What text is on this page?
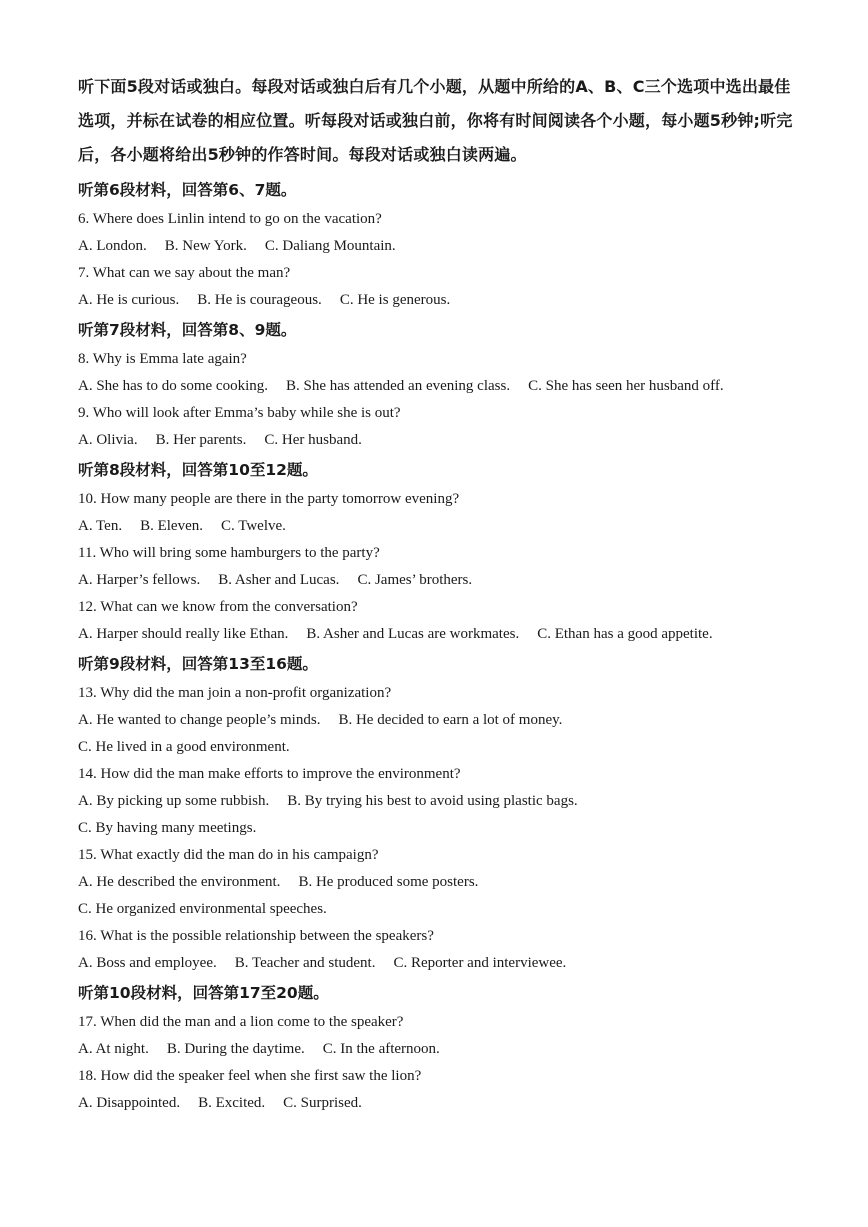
听下面5段对话或独白。每段对话或独白后有几个小题，从题中所给的A、B、C三个选项中选出最佳选项，并标在试卷的相应位置。听每段对话或独白前，你将有时间阅读各个小题，每小题5秒钟;听完后，各小题将给出5秒钟的作答时间。每段对话或独白读两遍。

听第6段材料，回答第6、7题。
6. Where does Linlin intend to go on the vacation?
A. London. B. New York. C. Daliang Mountain.
7. What can we say about the man?
A. He is curious. B. He is courageous. C. He is generous.
听第7段材料，回答第8、9题。
8. Why is Emma late again?
A. She has to do some cooking. B. She has attended an evening class. C. She has seen her husband off.
9. Who will look after Emma’s baby while she is out?
A. Olivia. B. Her parents. C. Her husband.
听第8段材料，回答第10至12题。
10. How many people are there in the party tomorrow evening?
A. Ten. B. Eleven. C. Twelve.
11. Who will bring some hamburgers to the party?
A. Harper’s fellows. B. Asher and Lucas. C. James’ brothers.
12. What can we know from the conversation?
A. Harper should really like Ethan. B. Asher and Lucas are workmates. C. Ethan has a good appetite.
听第9段材料，回答第13至16题。
13. Why did the man join a non-profit organization?
A. He wanted to change people’s minds. B. He decided to earn a lot of money.
C. He lived in a good environment.
14. How did the man make efforts to improve the environment?
A. By picking up some rubbish. B. By trying his best to avoid using plastic bags.
C. By having many meetings.
15. What exactly did the man do in his campaign?
A. He described the environment. B. He produced some posters.
C. He organized environmental speeches.
16. What is the possible relationship between the speakers?
A. Boss and employee. B. Teacher and student. C. Reporter and interviewee.
听第10段材料，回答第17至20题。
17. When did the man and a lion come to the speaker?
A. At night. B. During the daytime. C. In the afternoon.
18. How did the speaker feel when she first saw the lion?
A. Disappointed. B. Excited. C. Surprised.
